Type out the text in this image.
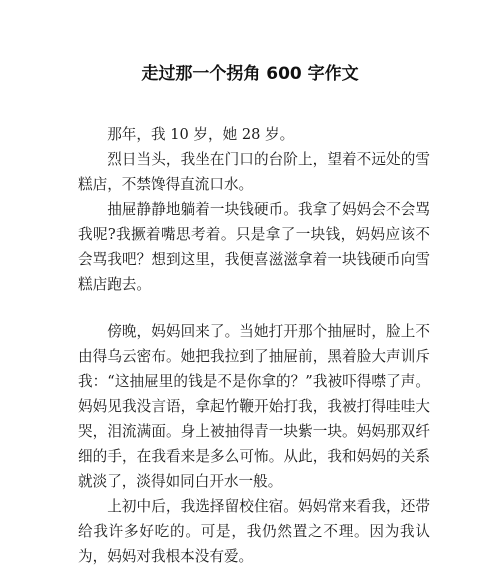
走过那一个拐角 600 字作文

那年，我 10 岁，她 28 岁。

烈日当头，我坐在门口的台阶上，望着不远处的雪糕店，不禁馋得直流口水。

抽屉静静地躺着一块钱硬币。我拿了妈妈会不会骂我呢?我撅着嘴思考着。只是拿了一块钱，妈妈应该不会骂我吧？想到这里，我便喜滋滋拿着一块钱硬币向雪糕店跑去。

傍晚，妈妈回来了。当她打开那个抽屉时，脸上不由得乌云密布。她把我拉到了抽屉前，黑着脸大声训斥我：“这抽屉里的钱是不是你拿的？”我被吓得噤了声。妈妈见我没言语，拿起竹鞭开始打我，我被打得哇哇大哭，泪流满面。身上被抽得青一块紫一块。妈妈那双纤细的手，在我看来是多么可怖。从此，我和妈妈的关系就淡了，淡得如同白开水一般。

上初中后，我选择留校住宿。妈妈常来看我，还带给我许多好吃的。可是，我仍然置之不理。因为我认为，妈妈对我根本没有爱。
